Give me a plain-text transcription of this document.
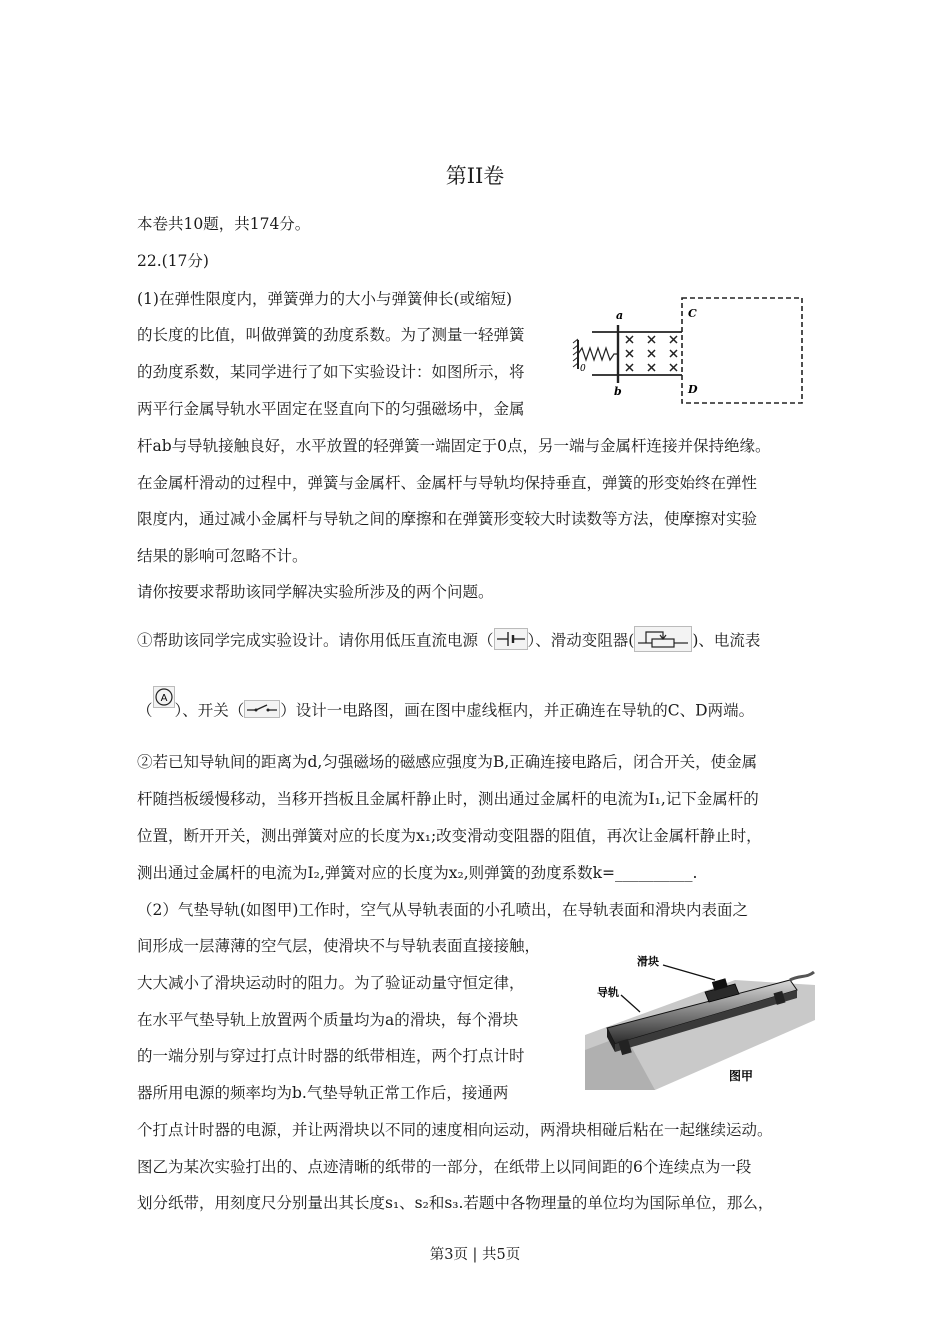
第II卷
本卷共10题，共174分。
22.(17分)
(1)在弹性限度内，弹簧弹力的大小与弹簧伸长(或缩短)
的长度的比值，叫做弹簧的劲度系数。为了测量一轻弹簧
的劲度系数，某同学进行了如下实验设计：如图所示，将
两平行金属导轨水平固定在竖直向下的匀强磁场中，金属
杆ab与导轨接触良好，水平放置的轻弹簧一端固定于0点，另一端与金属杆连接并保持绝缘。
在金属杆滑动的过程中，弹簧与金属杆、金属杆与导轨均保持垂直，弹簧的形变始终在弹性
限度内，通过减小金属杆与导轨之间的摩擦和在弹簧形变较大时读数等方法，使摩擦对实验
结果的影响可忽略不计。
请你按要求帮助该同学解决实验所涉及的两个问题。
a
b
C
D
0
①帮助该同学完成实验设计。请你用低压直流电源（ ）、滑动变阻器(	)、电流表
（
A
）、开关（ ）设计一电路图，画在图中虚线框内，并正确连在导轨的C、D两端。
②若已知导轨间的距离为d,匀强磁场的磁感应强度为B,正确连接电路后，闭合开关，使金属
杆随挡板缓慢移动，当移开挡板且金属杆静止时，测出通过金属杆的电流为I₁,记下金属杆的
位置，断开开关，测出弹簧对应的长度为x₁;改变滑动变阻器的阻值，再次让金属杆静止时，
测出通过金属杆的电流为I₂,弹簧对应的长度为x₂,则弹簧的劲度系数k=__________.
（2）气垫导轨(如图甲)工作时，空气从导轨表面的小孔喷出，在导轨表面和滑块内表面之
间形成一层薄薄的空气层，使滑块不与导轨表面直接接触，
大大减小了滑块运动时的阻力。为了验证动量守恒定律，
在水平气垫导轨上放置两个质量均为a的滑块，每个滑块
的一端分别与穿过打点计时器的纸带相连，两个打点计时
器所用电源的频率均为b.气垫导轨正常工作后，接通两
个打点计时器的电源，并让两滑块以不同的速度相向运动，两滑块相碰后粘在一起继续运动。
图乙为某次实验打出的、点迹清晰的纸带的一部分，在纸带上以同间距的6个连续点为一段
划分纸带，用刻度尺分别量出其长度s₁、s₂和s₃.若题中各物理量的单位均为国际单位，那么，
滑块
导轨
图甲
第3页 | 共5页
